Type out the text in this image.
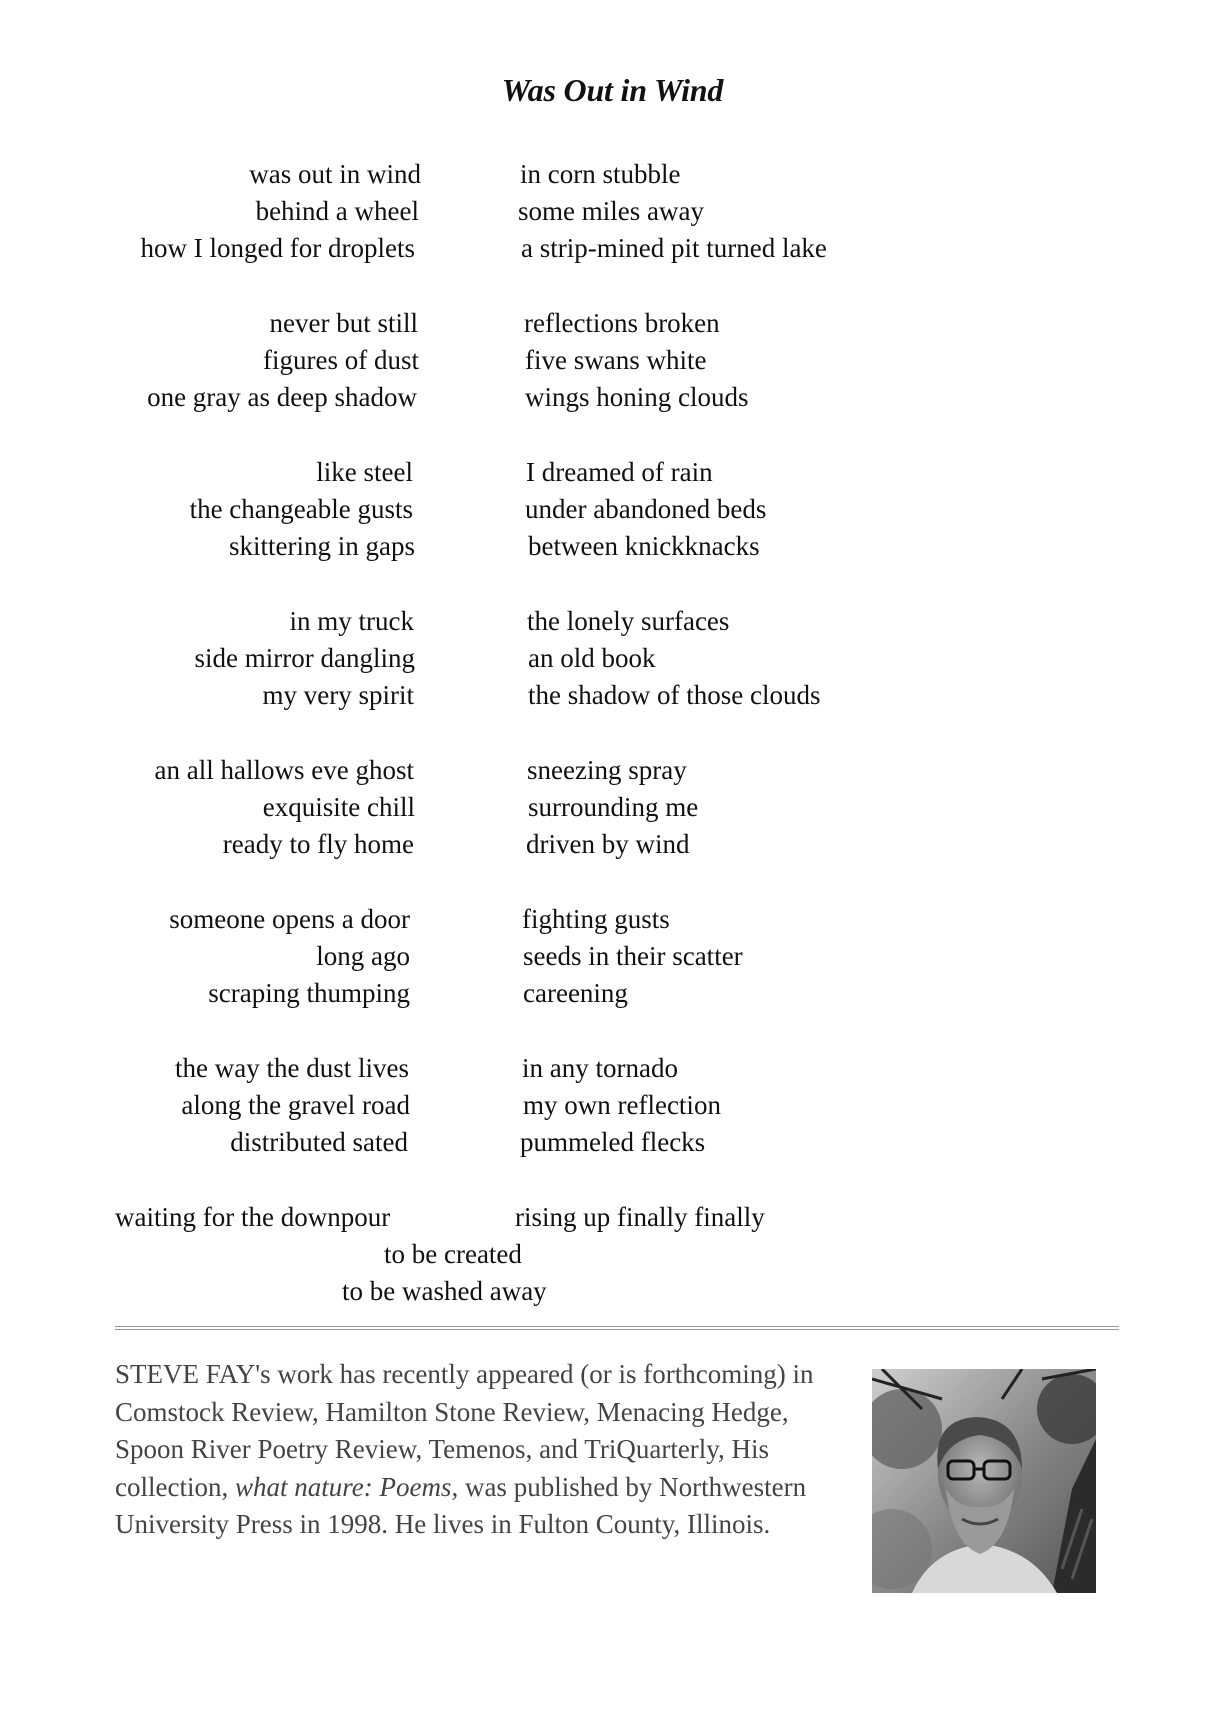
Was Out in Wind
was out in wind
behind a wheel
how I longed for droplets
in corn stubble
some miles away
a strip-mined pit turned lake
never but still
figures of dust
one gray as deep shadow
reflections broken
five swans white
wings honing clouds
like steel
the changeable gusts
skittering in gaps
I dreamed of rain
under abandoned beds
between knickknacks
in my truck
side mirror dangling
my very spirit
the lonely surfaces
an old book
the shadow of those clouds
an all hallows eve ghost
exquisite chill
ready to fly home
sneezing spray
surrounding me
driven by wind
someone opens a door
long ago
scraping thumping
fighting gusts
seeds in their scatter
careening
the way the dust lives
along the gravel road
distributed sated
in any tornado
my own reflection
pummeled flecks
waiting for the downpour	rising up finally finally
to be created
to be washed away

STEVE FAY's work has recently appeared (or is forthcoming) in Comstock Review, Hamilton Stone Review, Menacing Hedge, Spoon River Poetry Review, Temenos, and TriQuarterly, His collection, what nature: Poems, was published by Northwestern University Press in 1998. He lives in Fulton County, Illinois.
